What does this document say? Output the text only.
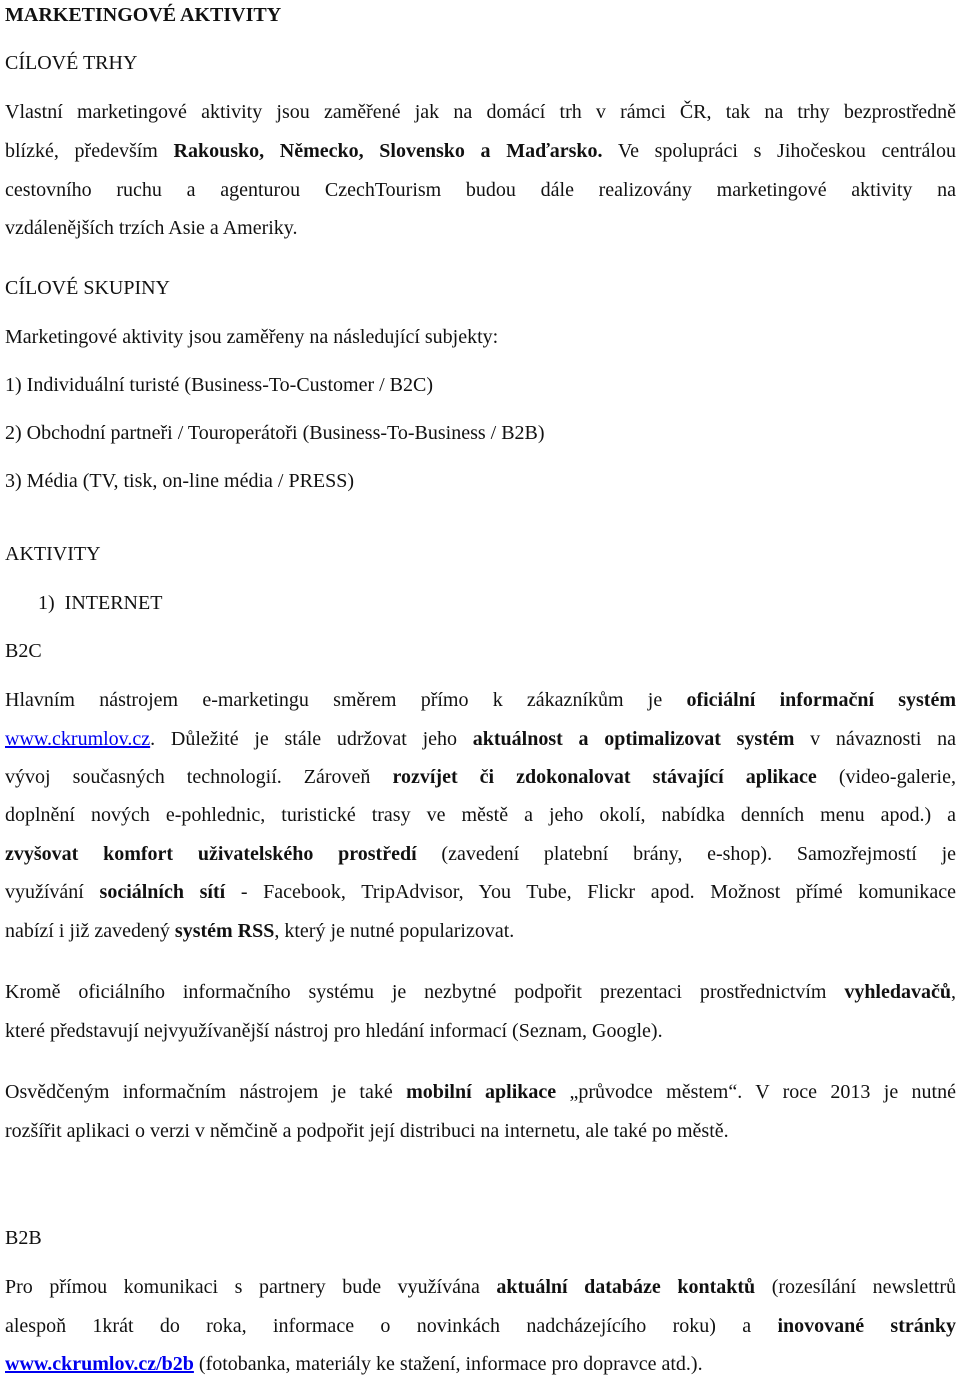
MARKETINGOVÉ AKTIVITY
CÍLOVÉ TRHY
Vlastní marketingové aktivity jsou zaměřené jak na domácí trh v rámci ČR, tak na trhy bezprostředně
blízké, především Rakousko, Německo, Slovensko a Maďarsko. Ve spolupráci s Jihočeskou centrálou
cestovního ruchu a agenturou CzechTourism budou dále realizovány marketingové aktivity na
vzdálenějších trzích Asie a Ameriky.
CÍLOVÉ SKUPINY
Marketingové aktivity jsou zaměřeny na následující subjekty:
1) Individuální turisté (Business-To-Customer / B2C)
2) Obchodní partneři / Touroperátoři (Business-To-Business / B2B)
3) Média (TV, tisk, on-line média / PRESS)
AKTIVITY
1)  INTERNET
B2C
Hlavním nástrojem e-marketingu směrem přímo k zákazníkům je oficiální informační systém
www.ckrumlov.cz. Důležité je stále udržovat jeho aktuálnost a optimalizovat systém v návaznosti na
vývoj současných technologií. Zároveň rozvíjet či zdokonalovat stávající aplikace (video-galerie,
doplnění nových e-pohlednic, turistické trasy ve městě a jeho okolí, nabídka denních menu apod.) a
zvyšovat komfort uživatelského prostředí (zavedení platební brány, e-shop). Samozřejmostí je
využívání sociálních sítí - Facebook, TripAdvisor, You Tube, Flickr apod. Možnost přímé komunikace
nabízí i již zavedený systém RSS, který je nutné popularizovat.
Kromě oficiálního informačního systému je nezbytné podpořit prezentaci prostřednictvím vyhledavačů,
které představují nejvyužívanější nástroj pro hledání informací (Seznam, Google).
Osvědčeným informačním nástrojem je také mobilní aplikace „průvodce městem“. V roce 2013 je nutné
rozšířit aplikaci o verzi v němčině a podpořit její distribuci na internetu, ale také po městě.
B2B
Pro přímou komunikaci s partnery bude využívána aktuální databáze kontaktů (rozesílání newslettrů
alespoň 1krát do roka, informace o novinkách nadcházejícího roku) a inovované stránky
www.ckrumlov.cz/b2b (fotobanka, materiály ke stažení, informace pro dopravce atd.).
